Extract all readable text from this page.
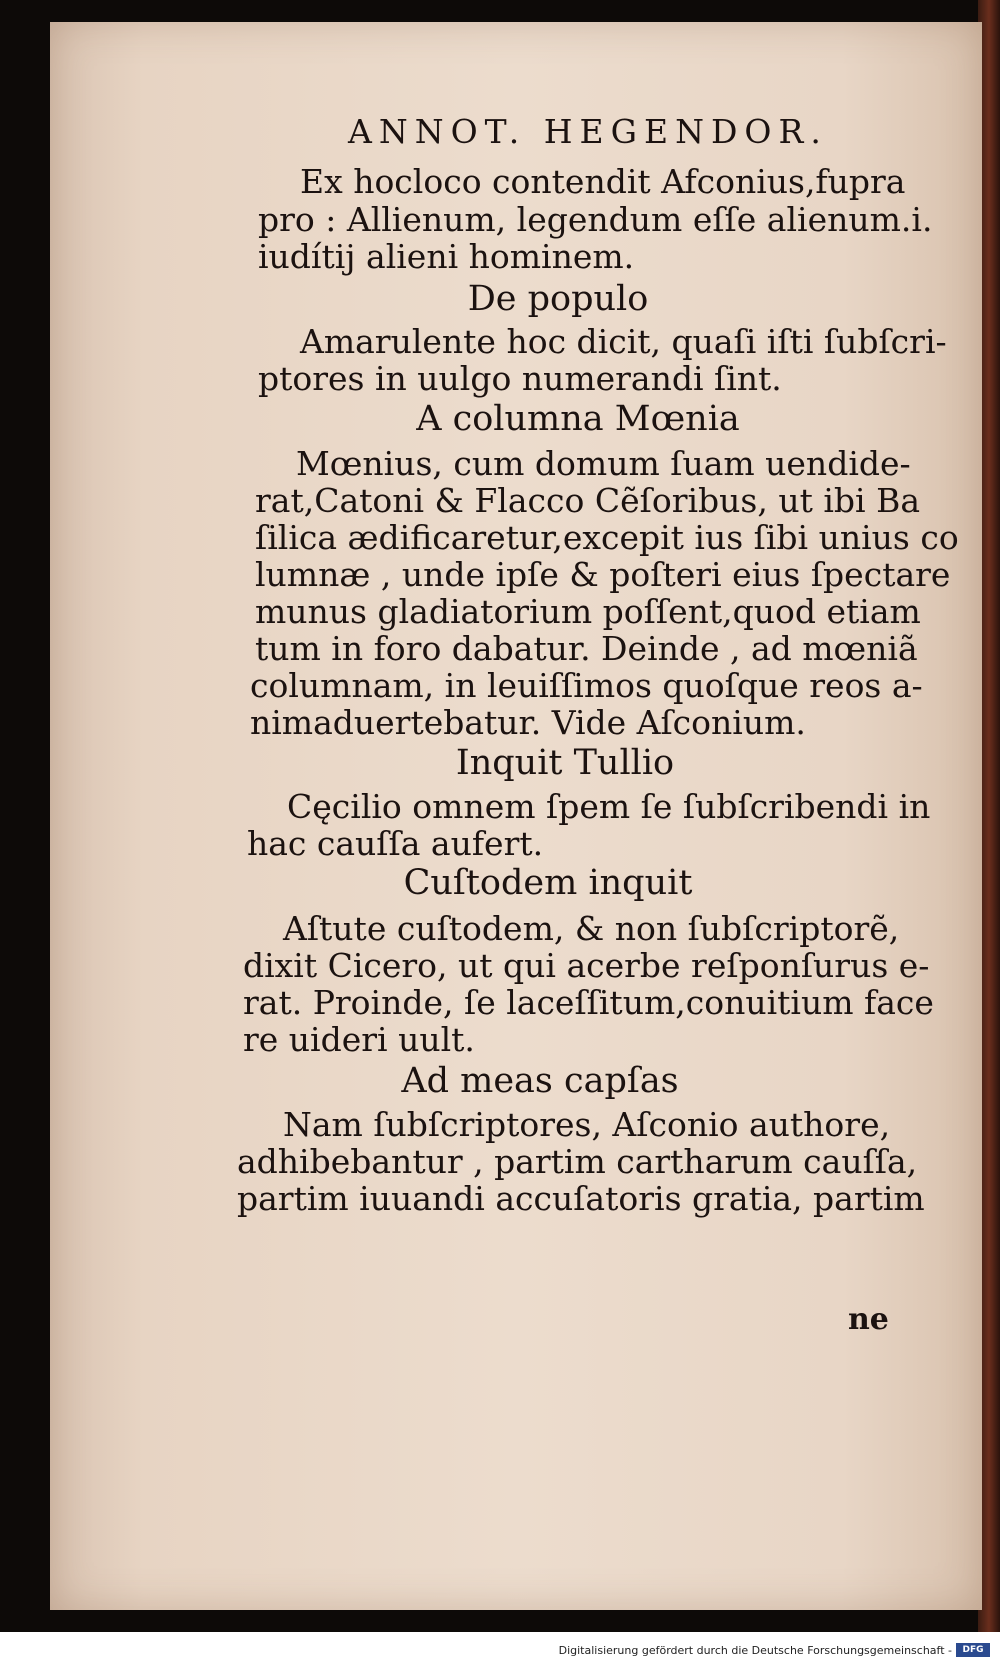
ANNOT. HEGENDOR.
Ex hocloco contendit Afconius,fupra
pro : Allienum, legendum eſſe alienum.i.
iudítij alieni hominem.
De populo
Amarulente hoc dicit, quaſi iſti ſubſcri-
ptores in uulgo numerandi ſint.
A columna Mœnia
Mœnius, cum domum ſuam uendide-
rat,Catoni & Flacco Cẽſoribus, ut ibi Ba
ſilica ædificaretur,excepit ius ſibi unius co
lumnæ , unde ipſe & poſteri eius ſpectare
munus gladiatorium poſſent,quod etiam
tum in foro dabatur. Deinde , ad mœniã
columnam, in leuiſſimos quoſque reos a-
nimaduertebatur. Vide Aſconium.
Inquit Tullio
Cęcilio omnem ſpem ſe ſubſcribendi in
hac cauſſa aufert.
Cuſtodem inquit
Aſtute cuſtodem, & non ſubſcriptorẽ,
dixit Cicero, ut qui acerbe reſponſurus e-
rat. Proinde, ſe laceſſitum,conuitium face
re uideri uult.
Ad meas capſas
Nam ſubſcriptores, Aſconio authore,
adhibebantur , partim cartharum cauſſa,
partim iuuandi accuſatoris gratia, partim
ne
Digitalisierung gefördert durch die Deutsche Forschungsgemeinschaft -	DFG
